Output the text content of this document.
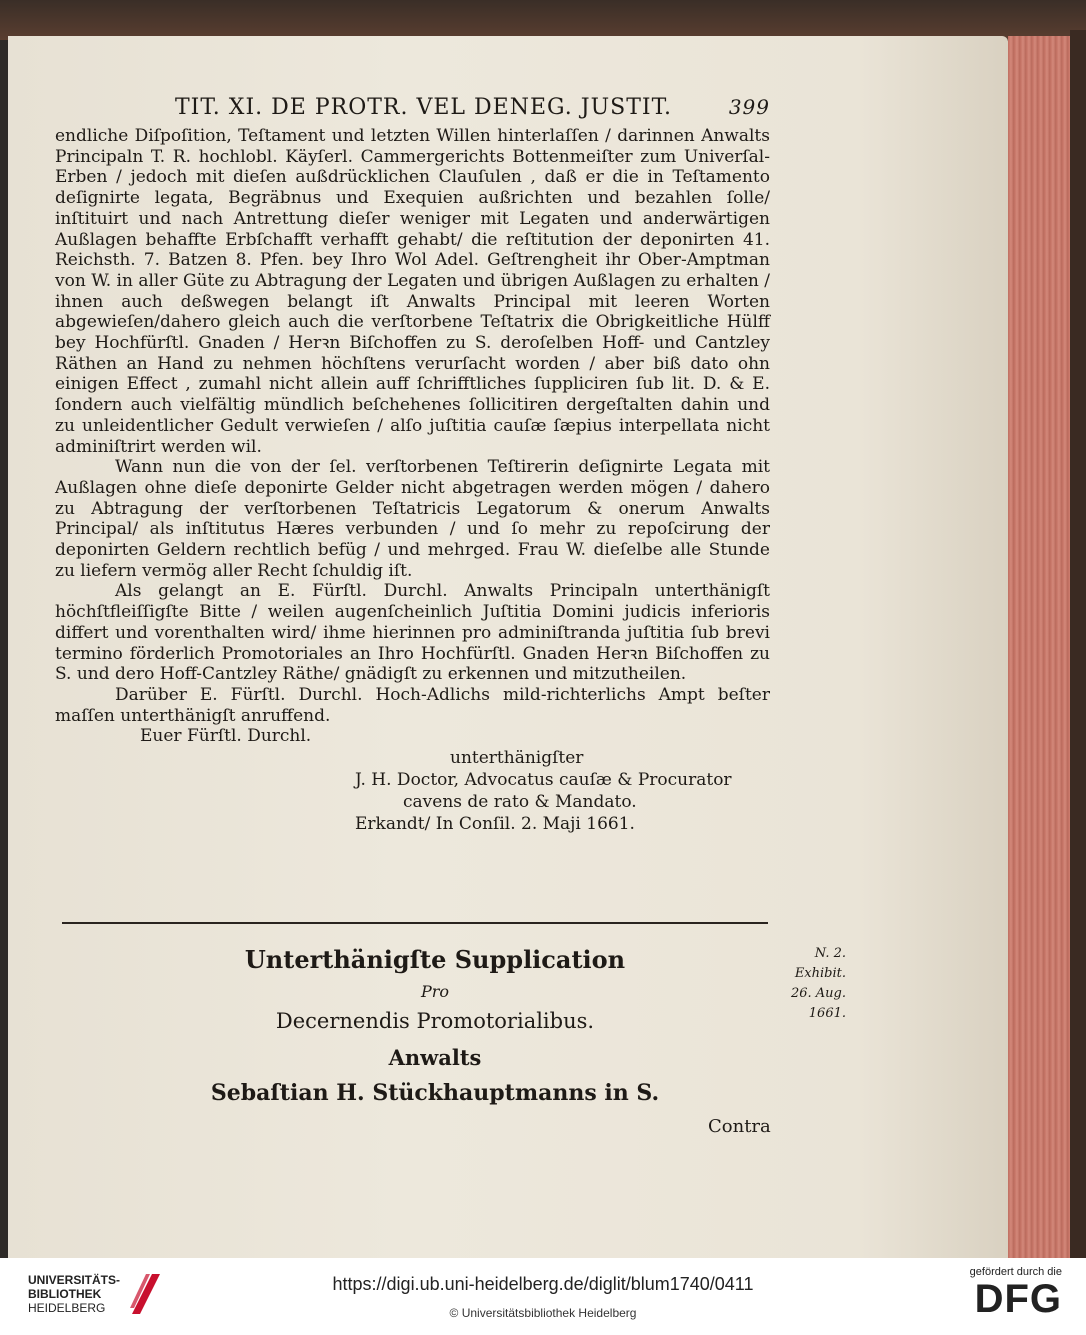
TIT. XI. DE PROTR. VEL DENEG. JUSTIT.	399

endliche Diſpoſition, Teſtament und letzten Willen hinterlaſſen / darinnen Anwalts Principaln T. R. hochlobl. Käyſerl. Cammergerichts Bottenmeiſter zum Univerſal-Erben / jedoch mit dieſen außdrücklichen Clauſulen , daß er die in Teſtamento deſignirte legata, Begräbnus und Exequien außrichten und bezahlen ſolle/ inſtituirt und nach Antrettung dieſer weniger mit Legaten und anderwärtigen Außlagen behaffte Erbſchafft verhafft gehabt/ die reſtitution der deponirten 41. Reichsth. 7. Batzen 8. Pfen. bey Ihro Wol Adel. Geſtrengheit ihr Ober-Amptman von W. in aller Güte zu Abtragung der Legaten und übrigen Außlagen zu erhalten / ihnen auch deßwegen belangt iſt Anwalts Principal mit leeren Worten abgewieſen/dahero gleich auch die verſtorbene Teſtatrix die Obrigkeitliche Hülff bey Hochfürſtl. Gnaden / Herꝛn Biſchoffen zu S. deroſelben Hoff- und Cantzley Räthen an Hand zu nehmen höchſtens verurſacht worden / aber biß dato ohn einigen Effect , zumahl nicht allein auff ſchrifftliches ſuppliciren ſub lit. D. & E. ſondern auch vielfältig mündlich beſchehenes ſollicitiren dergeſtalten dahin und zu unleidentlicher Gedult verwieſen / alſo juſtitia cauſæ ſæpius interpellata nicht adminiſtrirt werden wil.

Wann nun die von der ſel. verſtorbenen Teſtirerin deſignirte Legata mit Außlagen ohne dieſe deponirte Gelder nicht abgetragen werden mögen / dahero zu Abtragung der verſtorbenen Teſtatricis Legatorum & onerum Anwalts Principal/ als inſtitutus Hæres verbunden / und ſo mehr zu repoſcirung der deponirten Geldern rechtlich befüg / und mehrged. Frau W. dieſelbe alle Stunde zu liefern vermög aller Recht ſchuldig iſt.

Als gelangt an E. Fürſtl. Durchl. Anwalts Principaln unterthänigſt höchſtfleiſſigſte Bitte / weilen augenſcheinlich Juſtitia Domini judicis inferioris differt und vorenthalten wird/ ihme hierinnen pro adminiſtranda juſtitia ſub brevi termino förderlich Promotoriales an Ihro Hochfürſtl. Gnaden Herꝛn Biſchoffen zu S. und dero Hoff-Cantzley Räthe/ gnädigſt zu erkennen und mitzutheilen.

Darüber E. Fürſtl. Durchl. Hoch-Adlichs mild-richterlichs Ampt beſter maſſen unterthänigſt anruffend.

Euer Fürſtl. Durchl.

unterthänigſter
J. H. Doctor, Advocatus cauſæ & Procurator
cavens de rato & Mandato.
Erkandt/ In Conſil. 2. Maji 1661.
Unterthänigſte Supplication
Pro
Decernendis Promotorialibus.
Anwalts
Sebaſtian H. Stückhauptmanns in S.
N. 2.
Exhibit.
26. Aug.
1661.
Contra
UNIVERSITÄTS-
BIBLIOTHEK
HEIDELBERG
https://digi.ub.uni-heidelberg.de/diglit/blum1740/0411
© Universitätsbibliothek Heidelberg
gefördert durch die
DFG
